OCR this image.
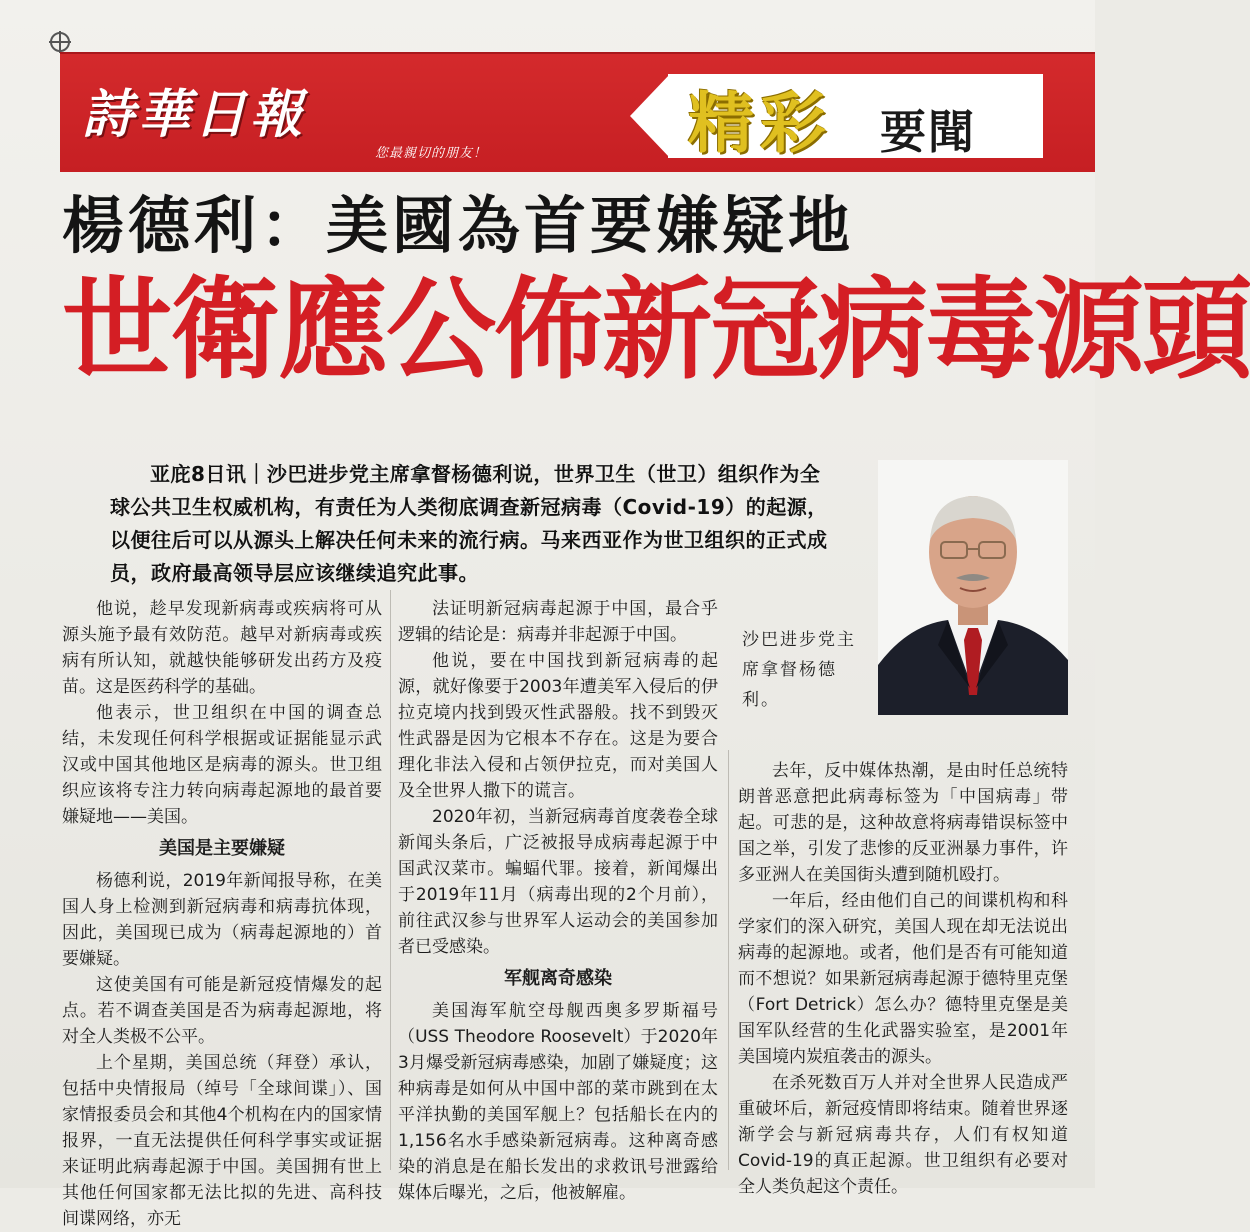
詩華日報
您最親切的朋友！	精彩 要聞
楊德利：美國為首要嫌疑地
世衛應公佈新冠病毒源頭
亚庇8日讯｜沙巴进步党主席拿督杨德利说，世界卫生（世卫）组织作为全球公共卫生权威机构，有责任为人类彻底调查新冠病毒（Covid-19）的起源，以便往后可以从源头上解决任何未来的流行病。马来西亚作为世卫组织的正式成员，政府最高领导层应该继续追究此事。
沙巴进步党主席拿督杨德利。

他说，趁早发现新病毒或疾病将可从源头施予最有效防范。越早对新病毒或疾病有所认知，就越快能够研发出药方及疫苗。这是医药科学的基础。

他表示，世卫组织在中国的调查总结，未发现任何科学根据或证据能显示武汉或中国其他地区是病毒的源头。世卫组织应该将专注力转向病毒起源地的最首要嫌疑地——美国。

美国是主要嫌疑

杨德利说，2019年新闻报导称，在美国人身上检测到新冠病毒和病毒抗体现，因此，美国现已成为（病毒起源地的）首要嫌疑。

这使美国有可能是新冠疫情爆发的起点。若不调查美国是否为病毒起源地，将对全人类极不公平。

上个星期，美国总统（拜登）承认，包括中央情报局（绰号「全球间谍」）、国家情报委员会和其他4个机构在内的国家情报界，一直无法提供任何科学事实或证据来证明此病毒起源于中国。美国拥有世上其他任何国家都无法比拟的先进、高科技间谍网络，亦无

法证明新冠病毒起源于中国，最合乎逻辑的结论是：病毒并非起源于中国。

他说，要在中国找到新冠病毒的起源，就好像要于2003年遭美军入侵后的伊拉克境内找到毁灭性武器般。找不到毁灭性武器是因为它根本不存在。这是为要合理化非法入侵和占领伊拉克，而对美国人及全世界人撒下的谎言。

2020年初，当新冠病毒首度袭卷全球新闻头条后，广泛被报导成病毒起源于中国武汉菜市。蝙蝠代罪。接着，新闻爆出于2019年11月（病毒出现的2个月前），前往武汉参与世界军人运动会的美国参加者已受感染。

军舰离奇感染

美国海军航空母舰西奥多罗斯福号（USS Theodore Roosevelt）于2020年3月爆受新冠病毒感染，加剧了嫌疑度；这种病毒是如何从中国中部的菜市跳到在太平洋执勤的美国军舰上？包括船长在内的1,156名水手感染新冠病毒。这种离奇感染的消息是在船长发出的求救讯号泄露给媒体后曝光，之后，他被解雇。

去年，反中媒体热潮，是由时任总统特朗普恶意把此病毒标签为「中国病毒」带起。可悲的是，这种故意将病毒错误标签中国之举，引发了悲惨的反亚洲暴力事件，许多亚洲人在美国街头遭到随机殴打。

一年后，经由他们自己的间谍机构和科学家们的深入研究，美国人现在却无法说出病毒的起源地。或者，他们是否有可能知道而不想说？如果新冠病毒起源于德特里克堡（Fort Detrick）怎么办？德特里克堡是美国军队经营的生化武器实验室，是2001年美国境内炭疽袭击的源头。

在杀死数百万人并对全世界人民造成严重破坏后，新冠疫情即将结束。随着世界逐渐学会与新冠病毒共存，人们有权知道Covid-19的真正起源。世卫组织有必要对全人类负起这个责任。
